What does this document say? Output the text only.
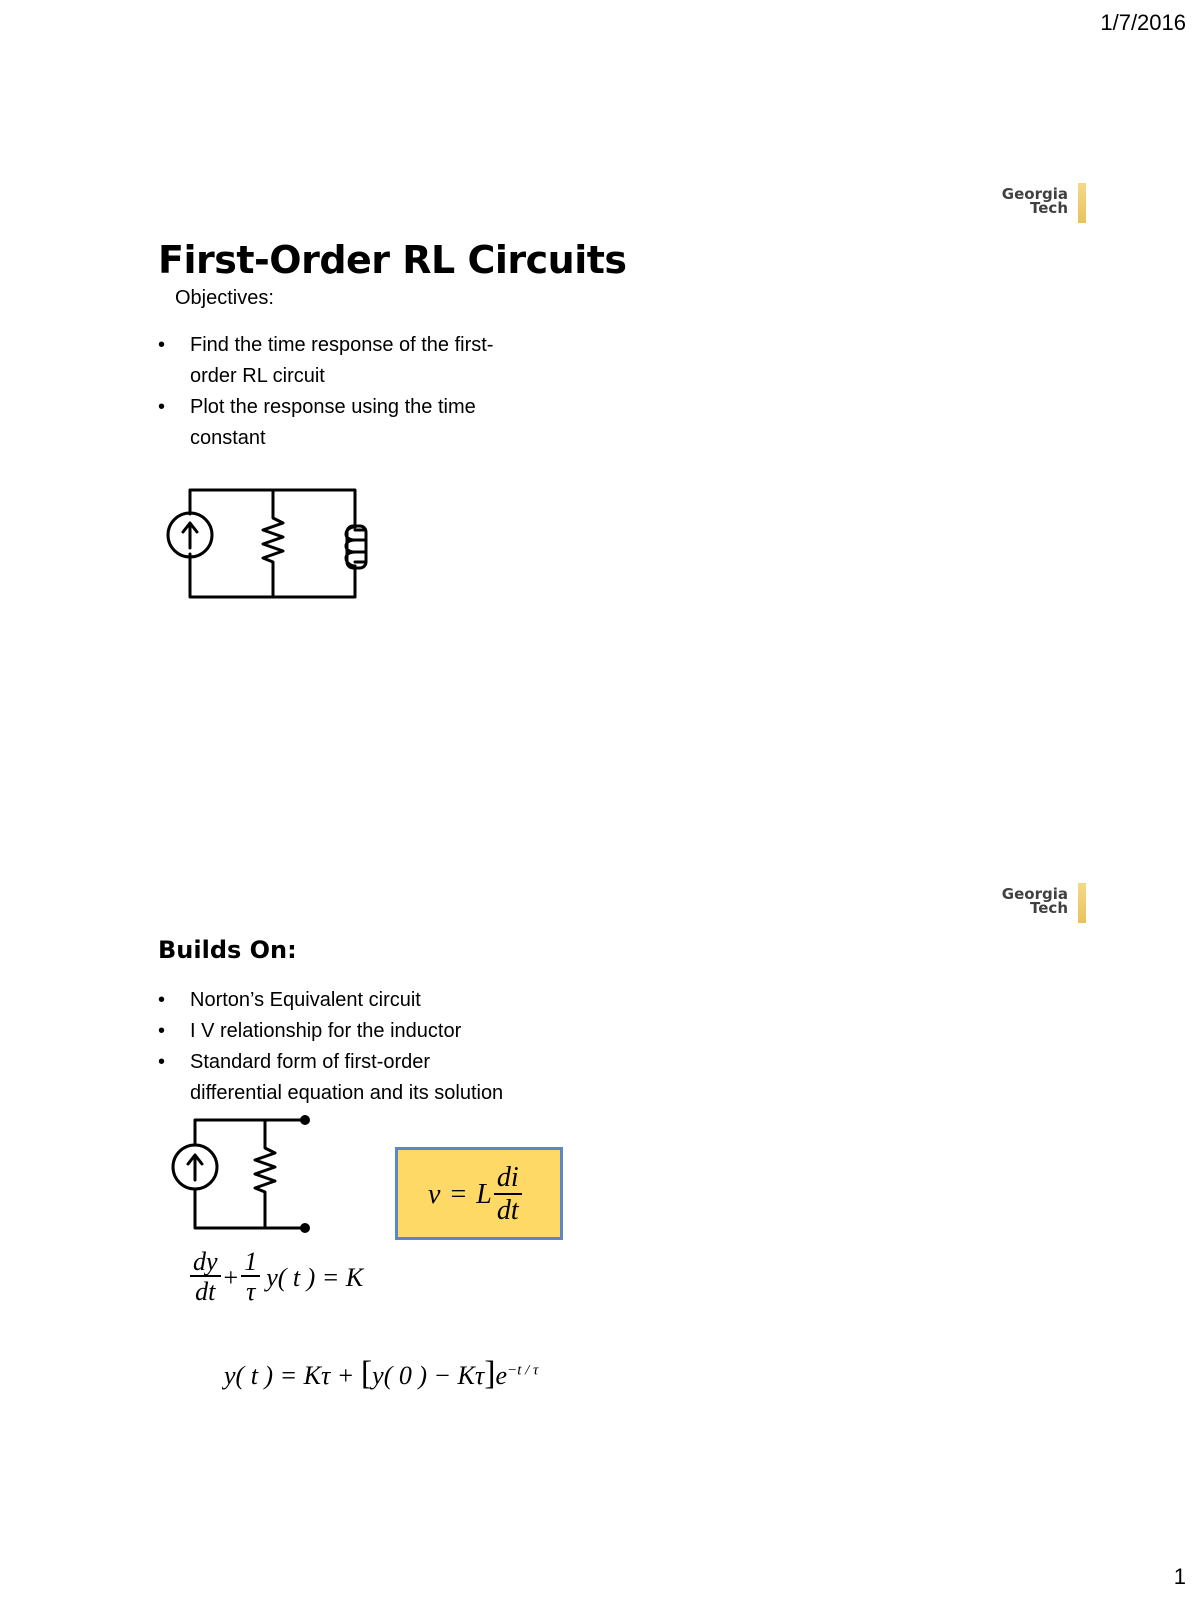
1/7/2016
Georgia
Tech
First-Order RL Circuits
Objectives:
• Find the time response of the first-
order RL circuit
• Plot the response using the time
constant
Georgia
Tech
Builds On:
• Norton’s Equivalent circuit
• I V relationship for the inductor
• Standard form of first-order
differential equation and its solution
v = L $\frac{di}{dt}$
$\frac{dy}{dt} + \frac{1}{\tau} y$( t ) = K

y( t ) = Kτ + [y( 0 ) − $K\tau]e^{-t / \tau}$

1
